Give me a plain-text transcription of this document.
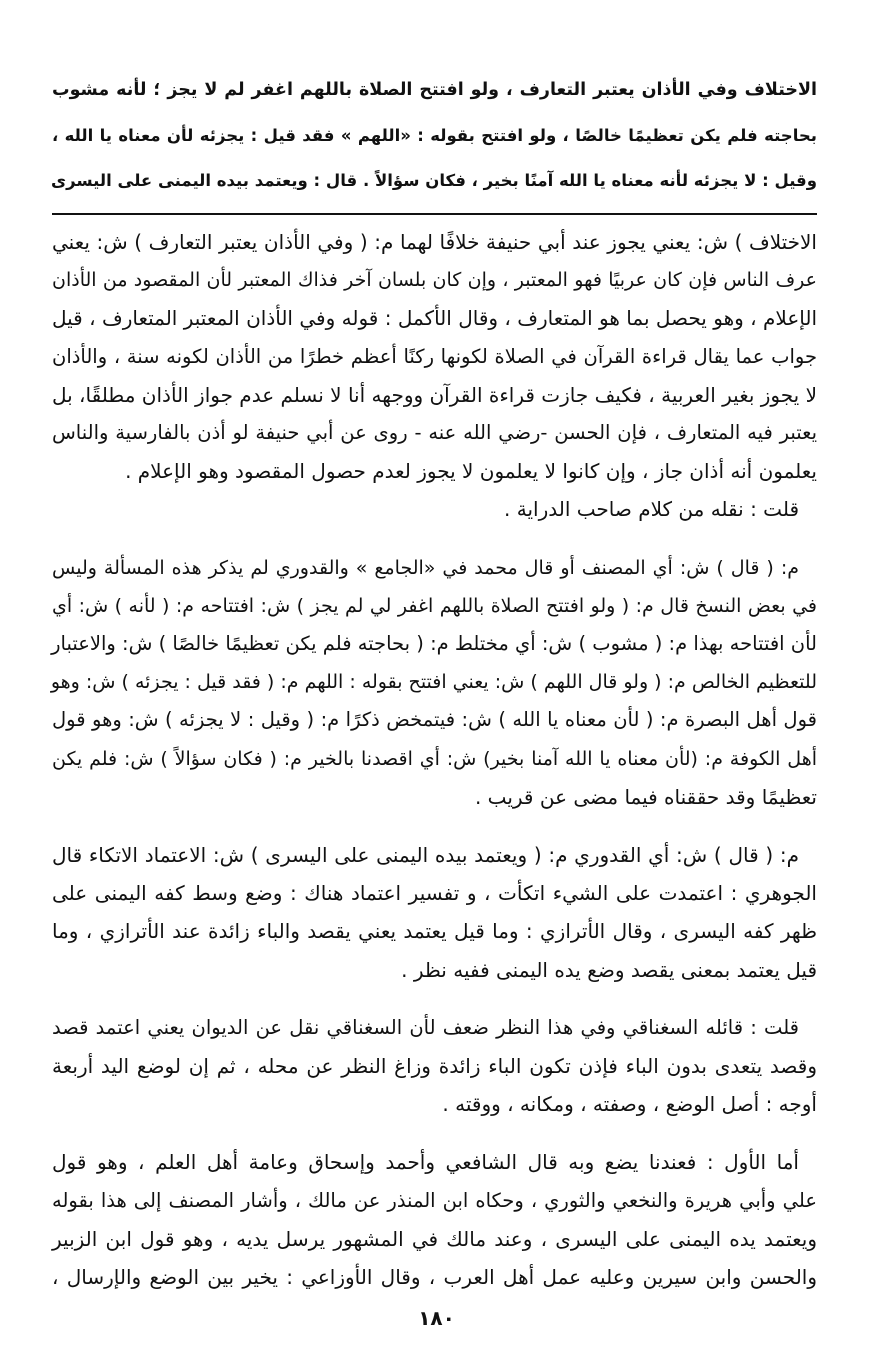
الاختلاف وفي الأذان يعتبر التعارف ، ولو افتتح الصلاة باللهم اغفر لم لا يجز ؛ لأنه مشوب

بحاجته فلم يكن تعظيمًا خالصًا ، ولو افتتح بقوله : «اللهم » فقد قيل : يجزئه لأن معناه يا الله ،

وقيل : لا يجزئه لأنه معناه يا الله آمنًا بخير ، فكان سؤالاً . قال : ويعتمد بيده اليمنى على اليسرى

الاختلاف ) ش: يعني يجوز عند أبي حنيفة خلافًا لهما م: ( وفي الأذان يعتبر التعارف ) ش: يعني

عرف الناس فإن كان عربيًا فهو المعتبر ، وإن كان بلسان آخر فذاك المعتبر لأن المقصود من الأذان

الإعلام ، وهو يحصل بما هو المتعارف ، وقال الأكمل : قوله وفي الأذان المعتبر المتعارف ، قيل

جواب عما يقال قراءة القرآن في الصلاة لكونها ركنًا أعظم خطرًا من الأذان لكونه سنة ، والأذان

لا يجوز بغير العربية ، فكيف جازت قراءة القرآن ووجهه أنا لا نسلم عدم جواز الأذان مطلقًا، بل

يعتبر فيه المتعارف ، فإن الحسن -رضي الله عنه - روى عن أبي حنيفة لو أذن بالفارسية والناس

يعلمون أنه أذان جاز ، وإن كانوا لا يعلمون لا يجوز لعدم حصول المقصود وهو الإعلام .

قلت : نقله من كلام صاحب الدراية .

م: ( قال ) ش: أي المصنف أو قال محمد في «الجامع » والقدوري لم يذكر هذه المسألة وليس

في بعض النسخ قال م: ( ولو افتتح الصلاة باللهم اغفر لي لم يجز ) ش: افتتاحه م: ( لأنه ) ش: أي

لأن افتتاحه بهذا م: ( مشوب ) ش: أي مختلط م: ( بحاجته فلم يكن تعظيمًا خالصًا ) ش: والاعتبار

للتعظيم الخالص م: ( ولو قال اللهم ) ش: يعني افتتح بقوله : اللهم م: ( فقد قيل : يجزئه ) ش: وهو

قول أهل البصرة م: ( لأن معناه يا الله ) ش: فيتمخض ذكرًا م: ( وقيل : لا يجزئه ) ش: وهو قول

أهل الكوفة م: (لأن معناه يا الله آمنا بخير) ش: أي اقصدنا بالخير م: ( فكان سؤالاً ) ش: فلم يكن

تعظيمًا وقد حققناه فيما مضى عن قريب .

م: ( قال ) ش: أي القدوري م: ( ويعتمد بيده اليمنى على اليسرى ) ش: الاعتماد الاتكاء قال

الجوهري : اعتمدت على الشيء اتكأت ، و تفسير اعتماد هناك : وضع وسط كفه اليمنى على

ظهر كفه اليسرى ، وقال الأترازي : وما قيل يعتمد يعني يقصد والباء زائدة عند الأترازي ، وما

قيل يعتمد بمعنى يقصد وضع يده اليمنى ففيه نظر .

قلت : قائله السغناقي وفي هذا النظر ضعف لأن السغناقي نقل عن الديوان يعني اعتمد قصد

وقصد يتعدى بدون الباء فإذن تكون الباء زائدة وزاغ النظر عن محله ، ثم إن لوضع اليد أربعة

أوجه : أصل الوضع ، وصفته ، ومكانه ، ووقته .

أما الأول : فعندنا يضع وبه قال الشافعي وأحمد وإسحاق وعامة أهل العلم ، وهو قول

علي وأبي هريرة والنخعي والثوري ، وحكاه ابن المنذر عن مالك ، وأشار المصنف إلى هذا بقوله

ويعتمد يده اليمنى على اليسرى ، وعند مالك في المشهور يرسل يديه ، وهو قول ابن الزبير

والحسن وابن سيرين وعليه عمل أهل العرب ، وقال الأوزاعي : يخير بين الوضع والإرسال ،

١٨٠
